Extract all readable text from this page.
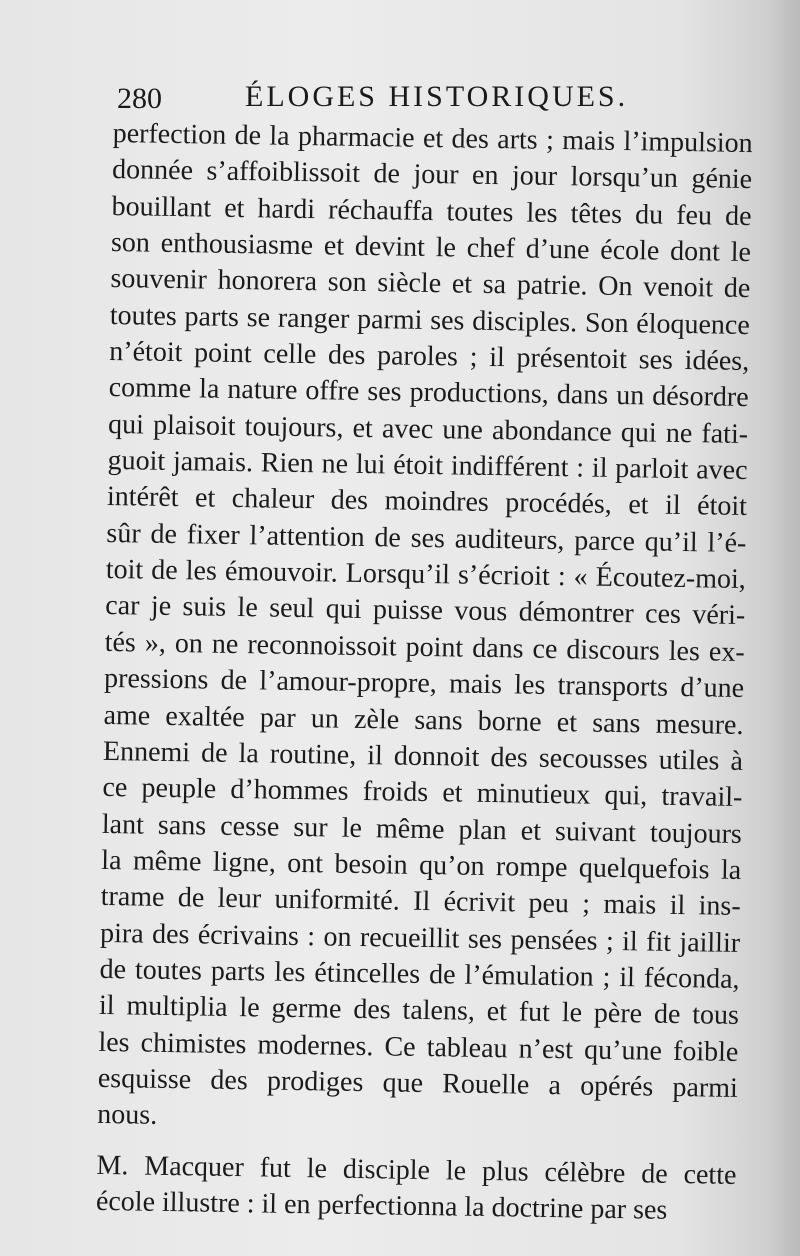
280	ÉLOGES HISTORIQUES.
perfection de la pharmacie et des arts ; mais l’impulsion
donnée s’affoiblissoit de jour en jour lorsqu’un génie
bouillant et hardi réchauffa toutes les têtes du feu de
son enthousiasme et devint le chef d’une école dont le
souvenir honorera son siècle et sa patrie. On venoit de
toutes parts se ranger parmi ses disciples. Son éloquence
n’étoit point celle des paroles ; il présentoit ses idées,
comme la nature offre ses productions, dans un désordre
qui plaisoit toujours, et avec une abondance qui ne fati-
guoit jamais. Rien ne lui étoit indifférent : il parloit avec
intérêt et chaleur des moindres procédés, et il étoit
sûr de fixer l’attention de ses auditeurs, parce qu’il l’é-
toit de les émouvoir. Lorsqu’il s’écrioit : « Écoutez-moi,
car je suis le seul qui puisse vous démontrer ces véri-
tés », on ne reconnoissoit point dans ce discours les ex-
pressions de l’amour-propre, mais les transports d’une
ame exaltée par un zèle sans borne et sans mesure.
Ennemi de la routine, il donnoit des secousses utiles à
ce peuple d’hommes froids et minutieux qui, travail-
lant sans cesse sur le même plan et suivant toujours
la même ligne, ont besoin qu’on rompe quelquefois la
trame de leur uniformité. Il écrivit peu ; mais il ins-
pira des écrivains : on recueillit ses pensées ; il fit jaillir
de toutes parts les étincelles de l’émulation ; il féconda,
il multiplia le germe des talens, et fut le père de tous
les chimistes modernes. Ce tableau n’est qu’une foible
esquisse des prodiges que Rouelle a opérés parmi
nous.
M. Macquer fut le disciple le plus célèbre de cette
école illustre : il en perfectionna la doctrine par ses
